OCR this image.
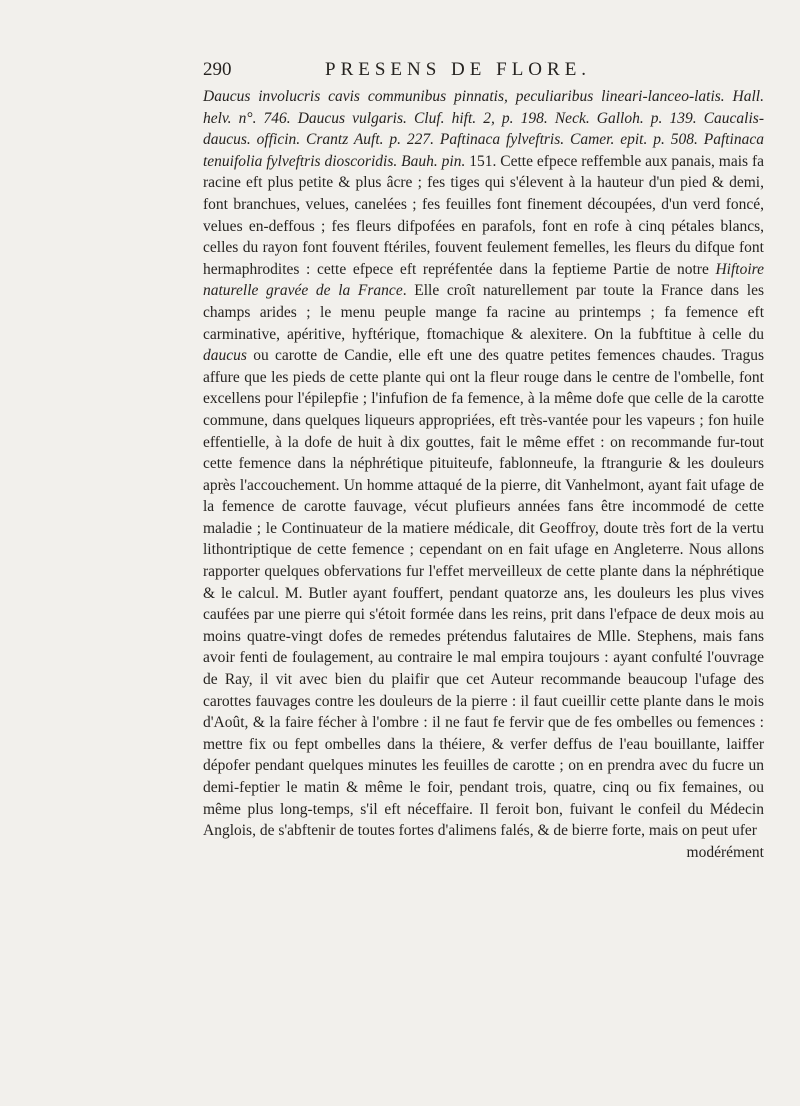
290	PRESENS DE FLORE.

Daucus involucris cavis communibus pinnatis, peculiaribus lineari-lanceo-latis. Hall. helv. n°. 746. Daucus vulgaris. Cluf. hift. 2, p. 198. Neck. Galloh. p. 139. Caucalis-daucus. officin. Crantz Auft. p. 227. Paftinaca fylveftris. Camer. epit. p. 508. Paftinaca tenuifolia fylveftris dioscoridis. Bauh. pin. 151. Cette efpece reffemble aux panais, mais fa racine eft plus petite & plus âcre ; fes tiges qui s'élevent à la hauteur d'un pied & demi, font branchues, velues, canelées ; fes feuilles font finement découpées, d'un verd foncé, velues en-deffous ; fes fleurs difpofées en parafols, font en rofe à cinq pétales blancs, celles du rayon font fouvent ftériles, fouvent feulement femelles, les fleurs du difque font hermaphrodites : cette efpece eft repréfentée dans la feptieme Partie de notre Hiftoire naturelle gravée de la France. Elle croît naturellement par toute la France dans les champs arides ; le menu peuple mange fa racine au printemps ; fa femence eft carminative, apéritive, hyftérique, ftomachique & alexitere. On la fubftitue à celle du daucus ou carotte de Candie, elle eft une des quatre petites femences chaudes. Tragus affure que les pieds de cette plante qui ont la fleur rouge dans le centre de l'ombelle, font excellens pour l'épilepfie ; l'infufion de fa femence, à la même dofe que celle de la carotte commune, dans quelques liqueurs appropriées, eft très-vantée pour les vapeurs ; fon huile effentielle, à la dofe de huit à dix gouttes, fait le même effet : on recommande fur-tout cette femence dans la néphrétique pituiteufe, fablonneufe, la ftrangurie & les douleurs après l'accouchement. Un homme attaqué de la pierre, dit Vanhelmont, ayant fait ufage de la femence de carotte fauvage, vécut plufieurs années fans être incommodé de cette maladie ; le Continuateur de la matiere médicale, dit Geoffroy, doute très fort de la vertu lithontriptique de cette femence ; cependant on en fait ufage en Angleterre. Nous allons rapporter quelques obfervations fur l'effet merveilleux de cette plante dans la néphrétique & le calcul. M. Butler ayant fouffert, pendant quatorze ans, les douleurs les plus vives caufées par une pierre qui s'étoit formée dans les reins, prit dans l'efpace de deux mois au moins quatre-vingt dofes de remedes prétendus falutaires de Mlle. Stephens, mais fans avoir fenti de foulagement, au contraire le mal empira toujours : ayant confulté l'ouvrage de Ray, il vit avec bien du plaifir que cet Auteur recommande beaucoup l'ufage des carottes fauvages contre les douleurs de la pierre : il faut cueillir cette plante dans le mois d'Août, & la faire fécher à l'ombre : il ne faut fe fervir que de fes ombelles ou femences : mettre fix ou fept ombelles dans la théiere, & verfer deffus de l'eau bouillante, laiffer dépofer pendant quelques minutes les feuilles de carotte ; on en prendra avec du fucre un demi-feptier le matin & même le foir, pendant trois, quatre, cinq ou fix femaines, ou même plus long-temps, s'il eft néceffaire. Il feroit bon, fuivant le confeil du Médecin Anglois, de s'abftenir de toutes fortes d'alimens falés, & de bierre forte, mais on peut ufer

modérément
